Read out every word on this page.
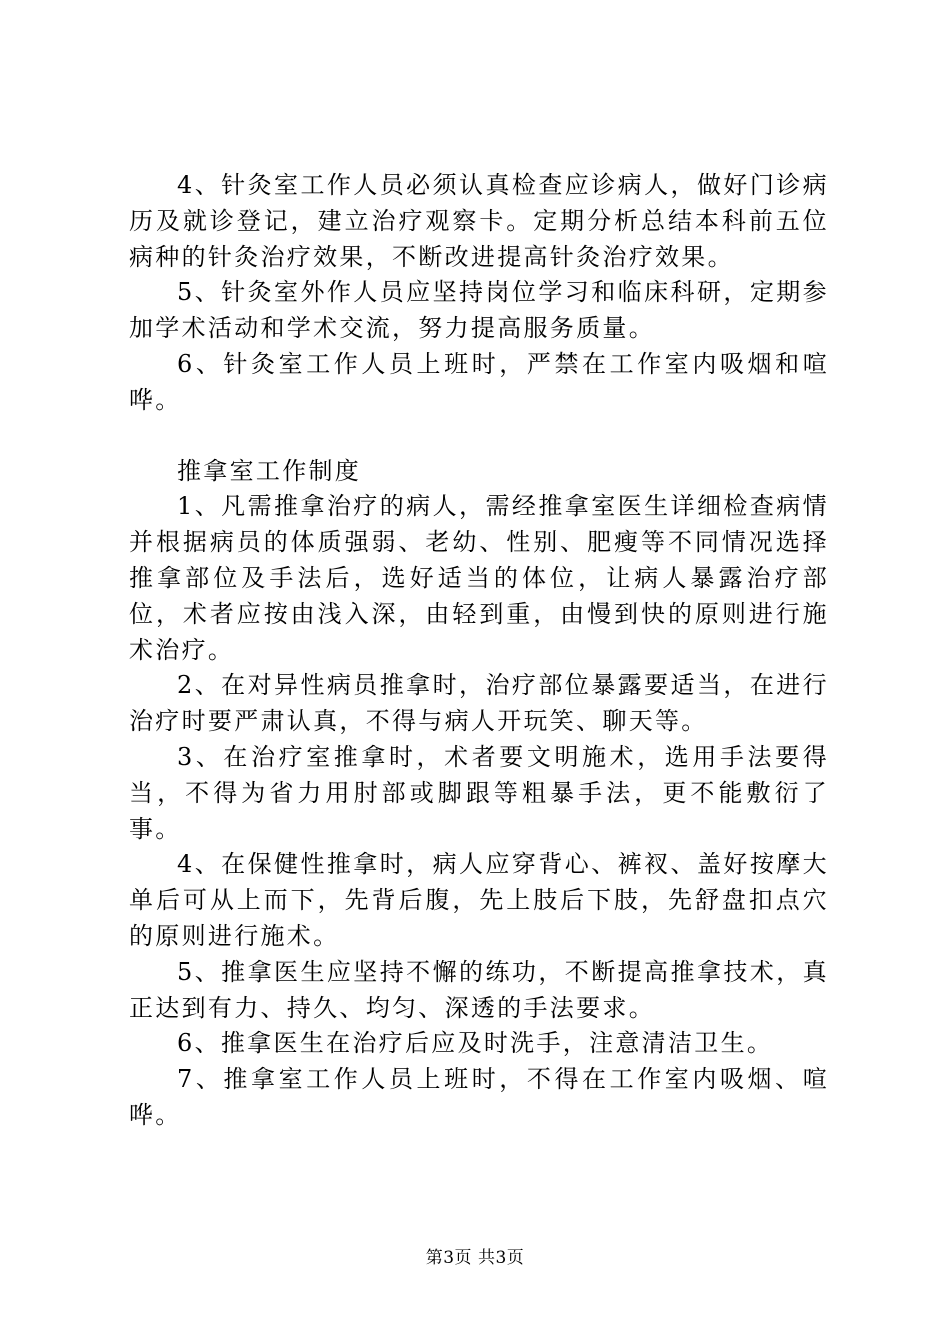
4、针灸室工作人员必须认真检查应诊病人，做好门诊病历及就诊登记，建立治疗观察卡。定期分析总结本科前五位病种的针灸治疗效果，不断改进提高针灸治疗效果。

5、针灸室外作人员应坚持岗位学习和临床科研，定期参加学术活动和学术交流，努力提高服务质量。

6、针灸室工作人员上班时，严禁在工作室内吸烟和喧哗。

推拿室工作制度

1、凡需推拿治疗的病人，需经推拿室医生详细检查病情并根据病员的体质强弱、老幼、性别、肥瘦等不同情况选择推拿部位及手法后，选好适当的体位，让病人暴露治疗部位，术者应按由浅入深，由轻到重，由慢到快的原则进行施术治疗。

2、在对异性病员推拿时，治疗部位暴露要适当，在进行治疗时要严肃认真，不得与病人开玩笑、聊天等。

3、在治疗室推拿时，术者要文明施术，选用手法要得当，不得为省力用肘部或脚跟等粗暴手法，更不能敷衍了事。

4、在保健性推拿时，病人应穿背心、裤衩、盖好按摩大单后可从上而下，先背后腹，先上肢后下肢，先舒盘扣点穴的原则进行施术。

5、推拿医生应坚持不懈的练功，不断提高推拿技术，真正达到有力、持久、均匀、深透的手法要求。

6、推拿医生在治疗后应及时洗手，注意清洁卫生。

7、推拿室工作人员上班时，不得在工作室内吸烟、喧哗。

第3页 共3页
